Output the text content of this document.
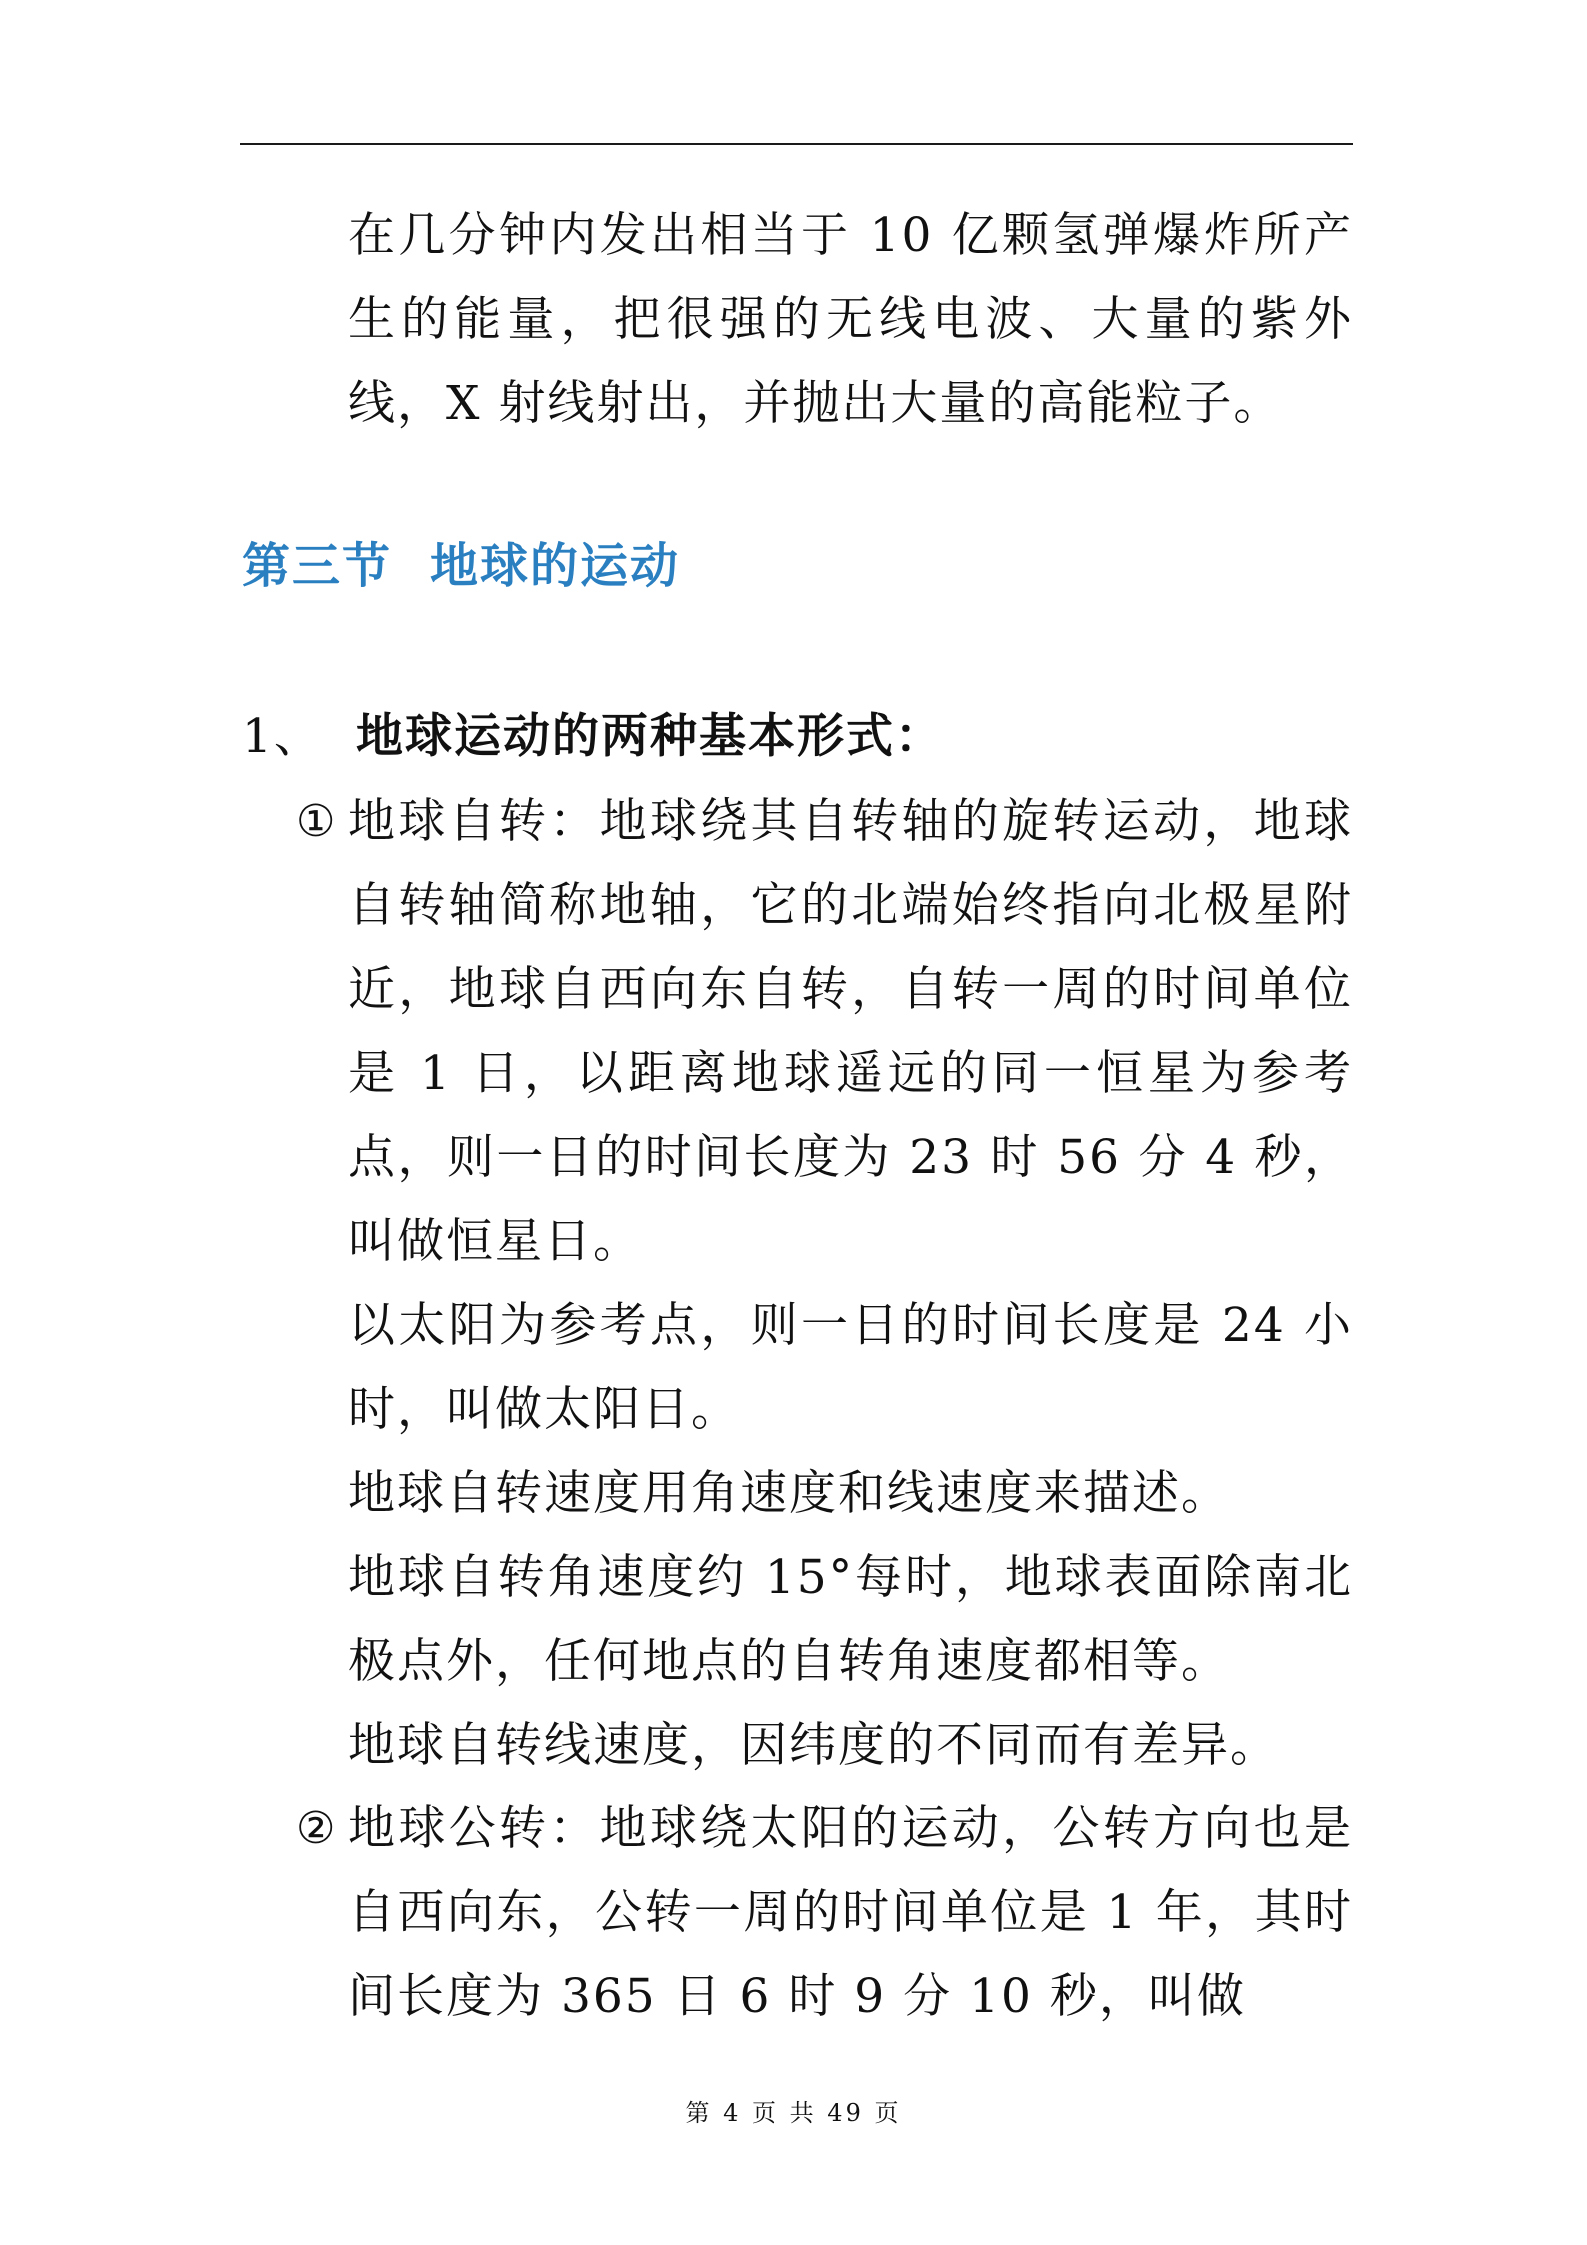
在几分钟内发出相当于 10 亿颗氢弹爆炸所产生的能量，把很强的无线电波、大量的紫外线，X 射线射出，并抛出大量的高能粒子。

第三节 地球的运动
1、 地球运动的两种基本形式：
① 地球自转：地球绕其自转轴的旋转运动，地球自转轴简称地轴，它的北端始终指向北极星附近，地球自西向东自转，自转一周的时间单位是 1 日，以距离地球遥远的同一恒星为参考点，则一日的时间长度为 23 时 56 分 4 秒，叫做恒星日。

以太阳为参考点，则一日的时间长度是 24 小时，叫做太阳日。

地球自转速度用角速度和线速度来描述。

地球自转角速度约 15°每时，地球表面除南北极点外，任何地点的自转角速度都相等。

地球自转线速度，因纬度的不同而有差异。

② 地球公转：地球绕太阳的运动，公转方向也是自西向东，公转一周的时间单位是 1 年，其时间长度为 365 日 6 时 9 分 10 秒，叫做

第 4 页 共 49 页
